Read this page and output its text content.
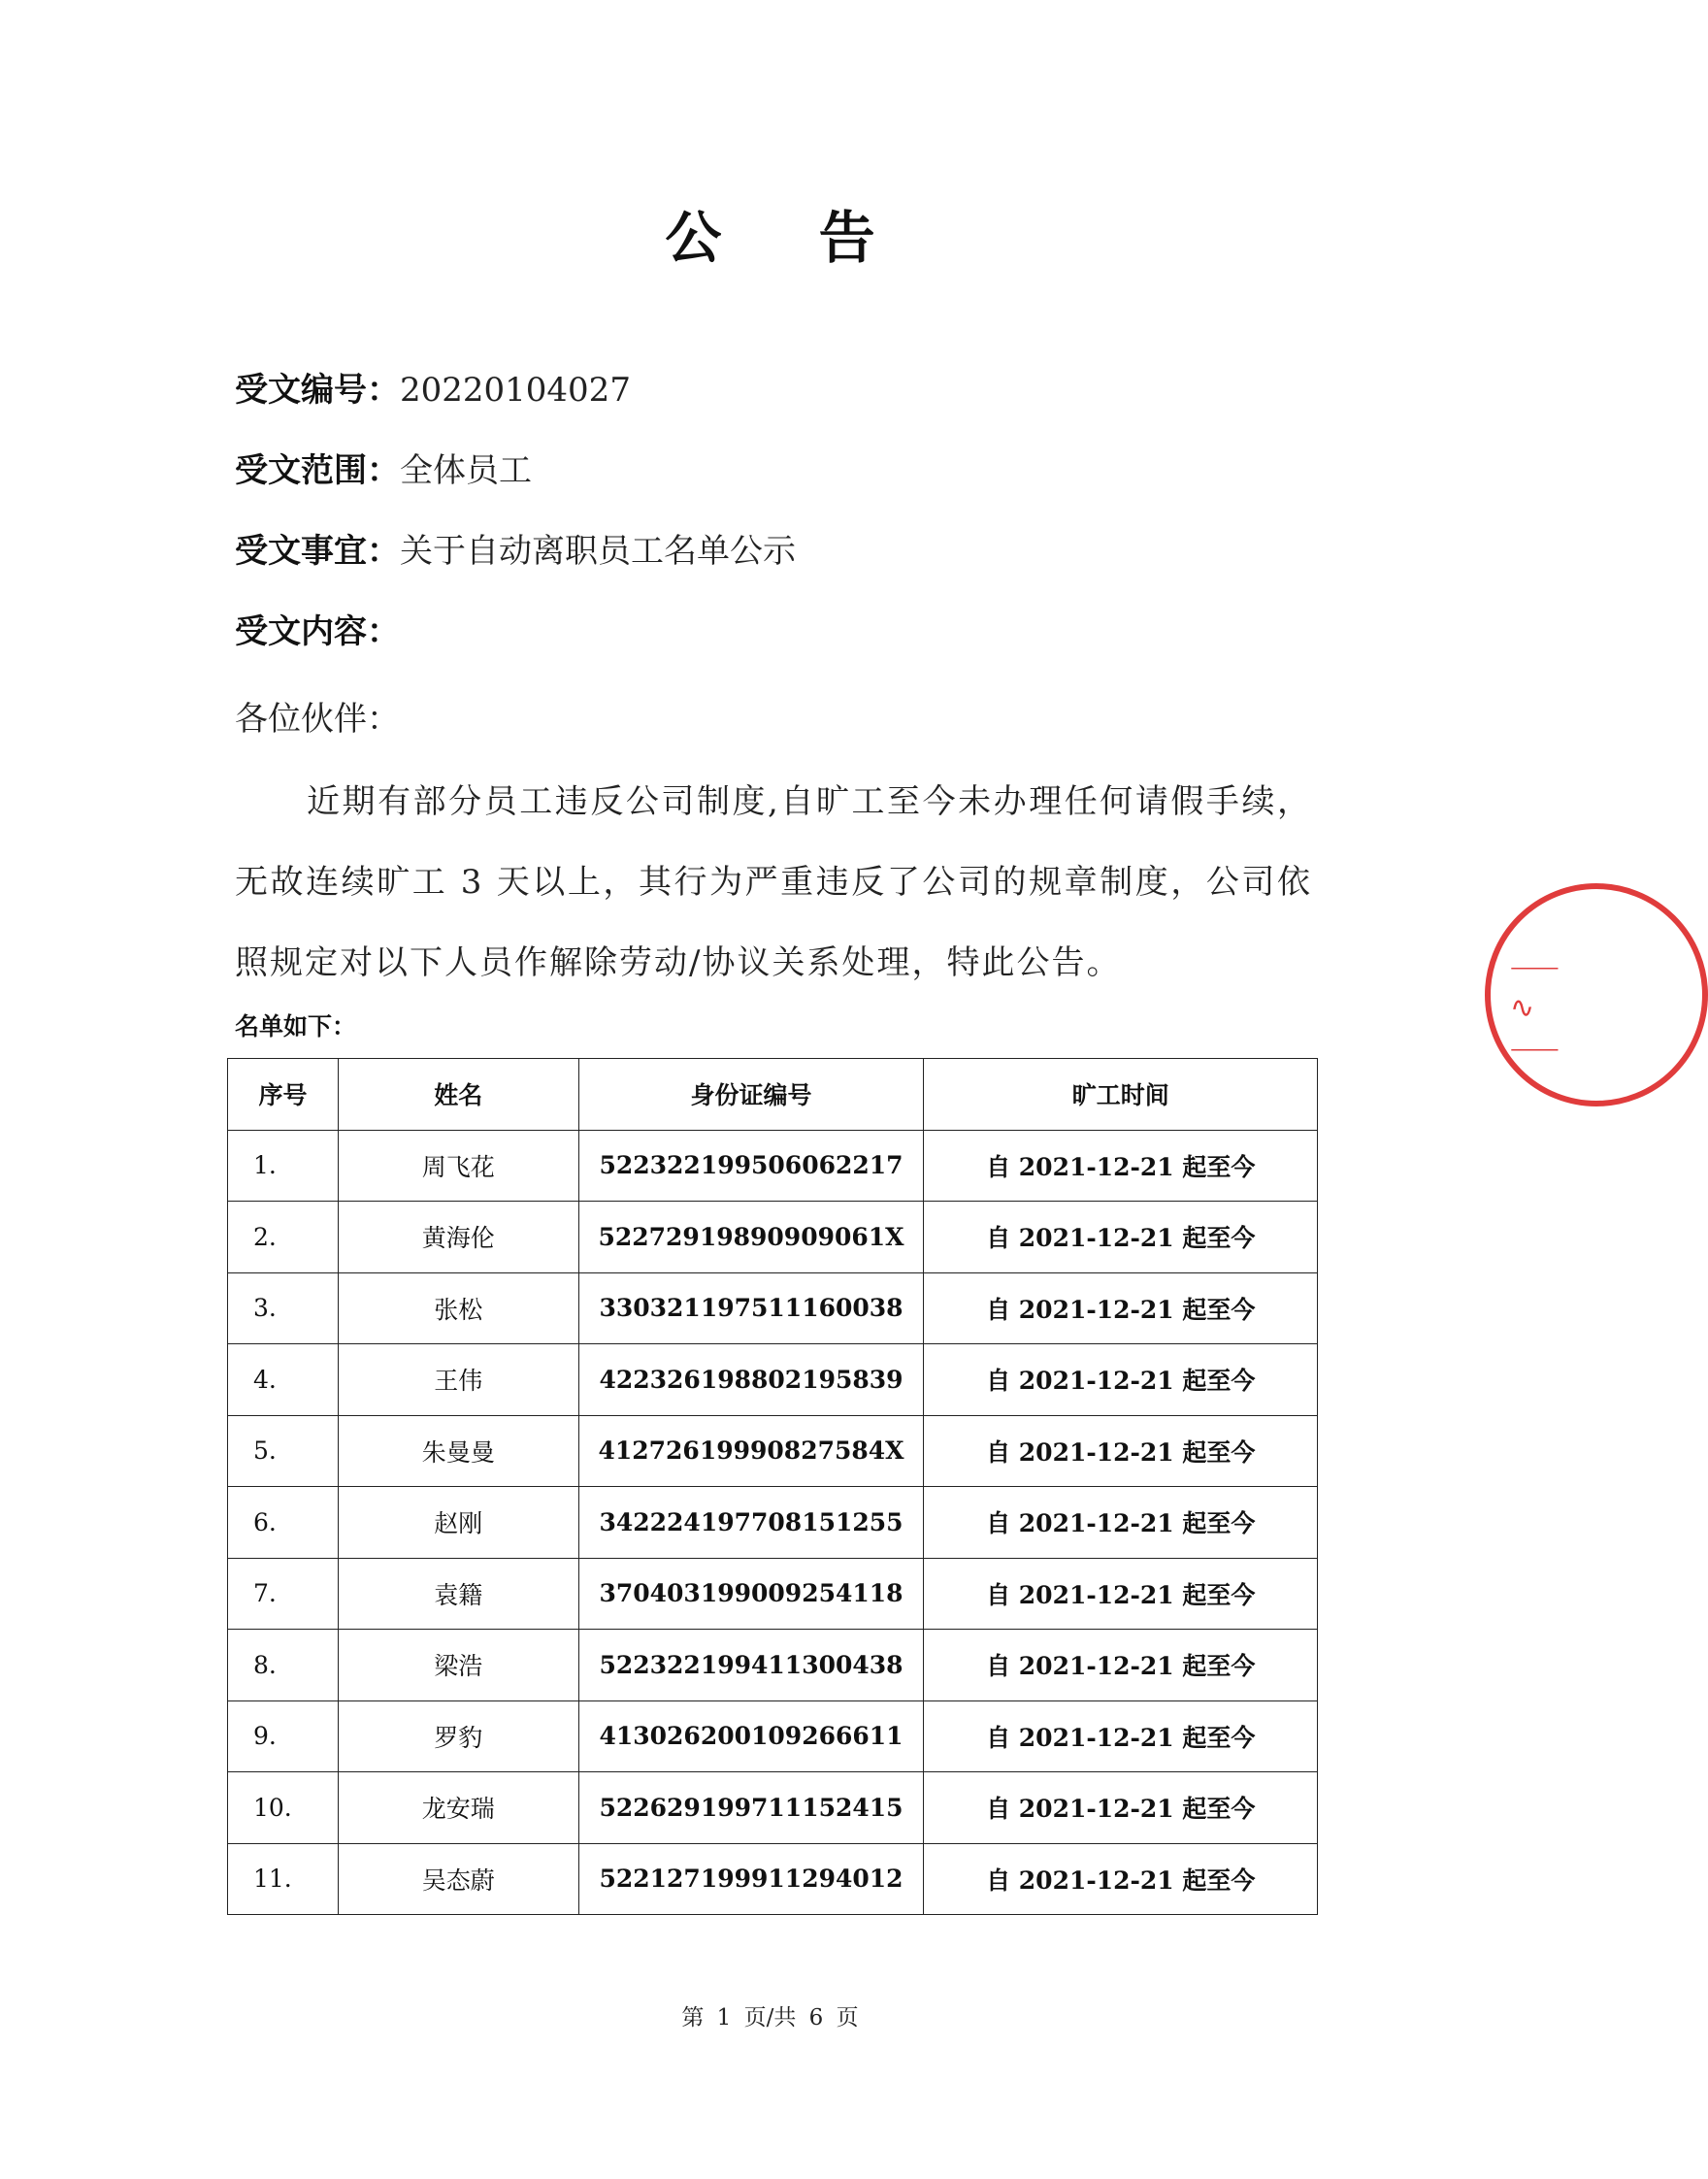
公 告
受文编号：20220104027
受文范围：全体员工
受文事宜：关于自动离职员工名单公示
受文内容：
各位伙伴：
近期有部分员工违反公司制度,自旷工至今未办理任何请假手续，无故连续旷工 3 天以上，其行为严重违反了公司的规章制度，公司依照规定对以下人员作解除劳动/协议关系处理，特此公告。
名单如下：
序号	姓名	身份证编号	旷工时间
1.	周飞花	522322199506062217	自 2021-12-21 起至今
2.	黄海伦	52272919890909061X	自 2021-12-21 起至今
3.	张松	330321197511160038	自 2021-12-21 起至今
4.	王伟	422326198802195839	自 2021-12-21 起至今
5.	朱曼曼	41272619990827584X	自 2021-12-21 起至今
6.	赵刚	342224197708151255	自 2021-12-21 起至今
7.	袁籍	370403199009254118	自 2021-12-21 起至今
8.	梁浩	522322199411300438	自 2021-12-21 起至今
9.	罗豹	413026200109266611	自 2021-12-21 起至今
10.	龙安瑞	522629199711152415	自 2021-12-21 起至今
11.	吴态蔚	522127199911294012	自 2021-12-21 起至今
⸺
∿
⸺
第 1 页/共 6 页
